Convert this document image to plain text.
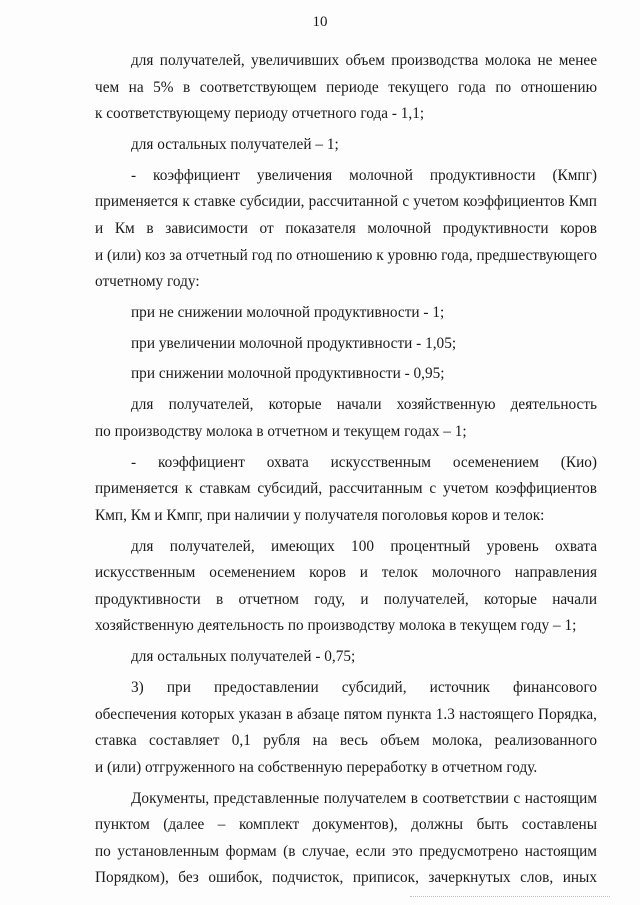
10
для получателей, увеличивших объем производства молока не менее
чем на 5% в соответствующем периоде текущего года по отношению
к соответствующему периоду отчетного года - 1,1;
для остальных получателей – 1;
- коэффициент увеличения молочной продуктивности (Кмпг)
применяется к ставке субсидии, рассчитанной с учетом коэффициентов Кмп
и Км в зависимости от показателя молочной продуктивности коров
и (или) коз за отчетный год по отношению к уровню года, предшествующего
отчетному году:
при не снижении молочной продуктивности - 1;
при увеличении молочной продуктивности - 1,05;
при снижении молочной продуктивности - 0,95;
для получателей, которые начали хозяйственную деятельность
по производству молока в отчетном и текущем годах – 1;
- коэффициент охвата искусственным осеменением (Кио)
применяется к ставкам субсидий, рассчитанным с учетом коэффициентов
Кмп, Км и Кмпг, при наличии у получателя поголовья коров и телок:
для получателей, имеющих 100 процентный уровень охвата
искусственным осеменением коров и телок молочного направления
продуктивности в отчетном году, и получателей, которые начали
хозяйственную деятельность по производству молока в текущем году – 1;
для остальных получателей - 0,75;
3) при предоставлении субсидий, источник финансового
обеспечения которых указан в абзаце пятом пункта 1.3 настоящего Порядка,
ставка составляет 0,1 рубля на весь объем молока, реализованного
и (или) отгруженного на собственную переработку в отчетном году.
Документы, представленные получателем в соответствии с настоящим
пунктом (далее – комплект документов), должны быть составлены
по установленным формам (в случае, если это предусмотрено настоящим
Порядком), без ошибок, подчисток, приписок, зачеркнутых слов, иных
